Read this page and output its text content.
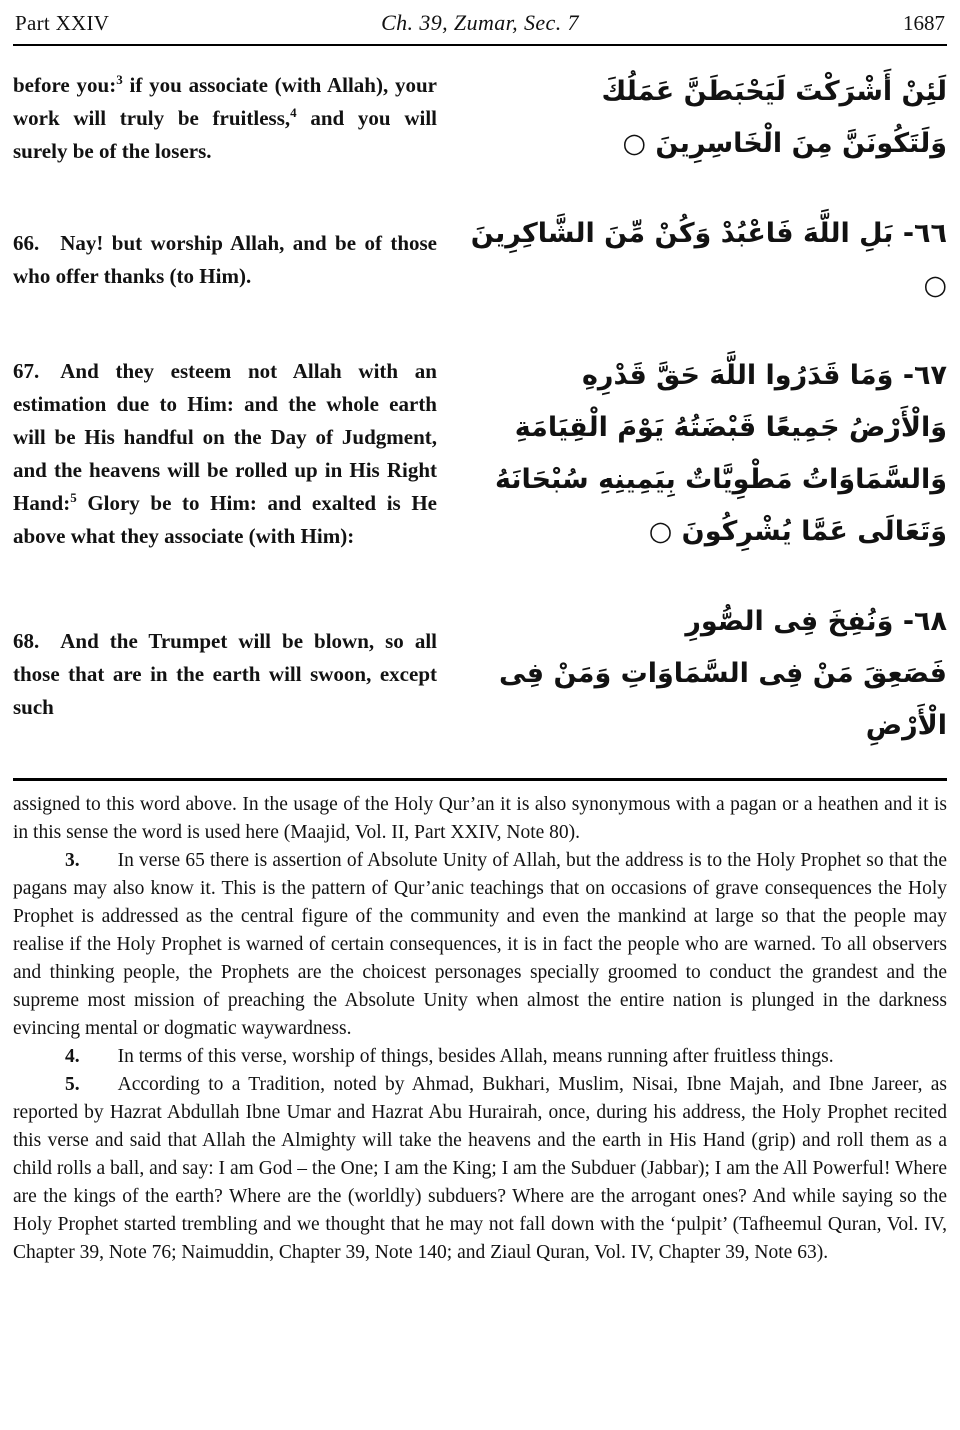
Part XXIV	Ch. 39, Zumar, Sec. 7	1687

before you:$^3$ if you associate (with Allah), your work will truly be fruitless,$^4$ and you will surely be of the losers.

لَئِنْ أَشْرَكْتَ لَيَحْبَطَنَّ عَمَلُكَ
وَلَتَكُونَنَّ مِنَ الْخَاسِرِينَ ○

66. Nay! but worship Allah, and be of those who offer thanks (to Him).

٦٦- بَلِ اللَّهَ فَاعْبُدْ وَكُنْ مِّنَ الشَّاكِرِينَ ○

67. And they esteem not Allah with an estimation due to Him: and the whole earth will be His handful on the Day of Judgment, and the heavens will be rolled up in His Right Hand:$^5$ Glory be to Him: and exalted is He above what they associate (with Him):

٦٧- وَمَا قَدَرُوا اللَّهَ حَقَّ قَدْرِهِ
وَالْأَرْضُ جَمِيعًا قَبْضَتُهُ يَوْمَ الْقِيَامَةِ
وَالسَّمَاوَاتُ مَطْوِيَّاتٌ بِيَمِينِهِ سُبْحَانَهُ
وَتَعَالَى عَمَّا يُشْرِكُونَ ○

68. And the Trumpet will be blown, so all those that are in the earth will swoon, except such

٦٨- وَنُفِخَ فِى الصُّورِ
فَصَعِقَ مَنْ فِى السَّمَاوَاتِ وَمَنْ فِى الْأَرْضِ

assigned to this word above. In the usage of the Holy Qur’an it is also synonymous with a pagan or a heathen and it is in this sense the word is used here (Maajid, Vol. II, Part XXIV, Note 80).

3. In verse 65 there is assertion of Absolute Unity of Allah, but the address is to the Holy Prophet so that the pagans may also know it. This is the pattern of Qur’anic teachings that on occasions of grave consequences the Holy Prophet is addressed as the central figure of the community and even the mankind at large so that the people may realise if the Holy Prophet is warned of certain consequences, it is in fact the people who are warned. To all observers and thinking people, the Prophets are the choicest personages specially groomed to conduct the grandest and the supreme most mission of preaching the Absolute Unity when almost the entire nation is plunged in the darkness evincing mental or dogmatic waywardness.

4. In terms of this verse, worship of things, besides Allah, means running after fruitless things.

5. According to a Tradition, noted by Ahmad, Bukhari, Muslim, Nisai, Ibne Majah, and Ibne Jareer, as reported by Hazrat Abdullah Ibne Umar and Hazrat Abu Hurairah, once, during his address, the Holy Prophet recited this verse and said that Allah the Almighty will take the heavens and the earth in His Hand (grip) and roll them as a child rolls a ball, and say: I am God – the One; I am the King; I am the Subduer (Jabbar); I am the All Powerful! Where are the kings of the earth? Where are the (worldly) subduers? Where are the arrogant ones? And while saying so the Holy Prophet started trembling and we thought that he may not fall down with the ‘pulpit’ (Tafheemul Quran, Vol. IV, Chapter 39, Note 76; Naimuddin, Chapter 39, Note 140; and Ziaul Quran, Vol. IV, Chapter 39, Note 63).
